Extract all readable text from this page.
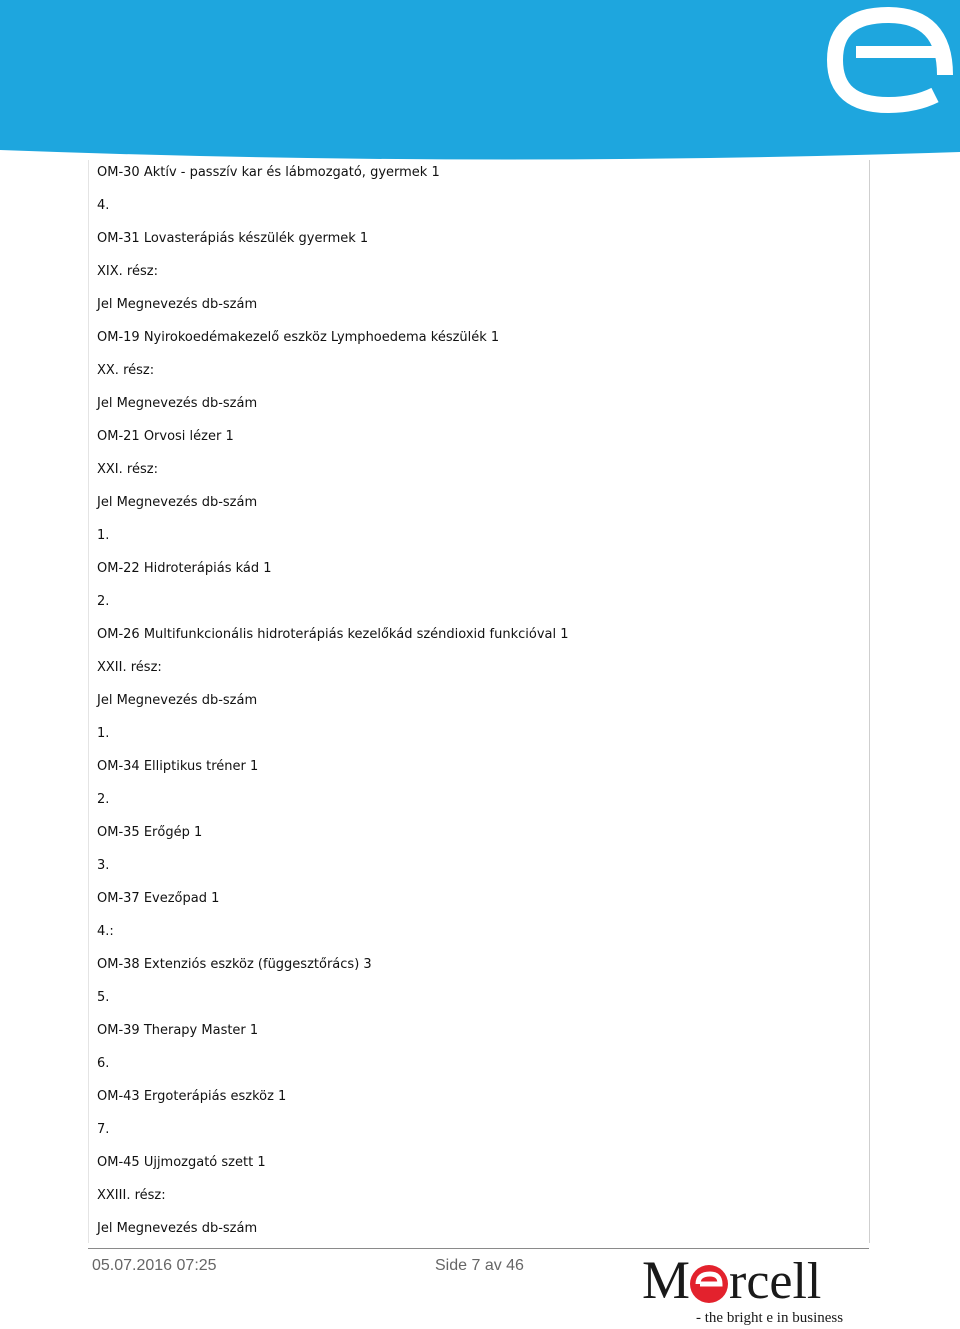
OM-30 Aktív - passzív kar és lábmozgató, gyermek 1
4.
OM-31 Lovasterápiás készülék gyermek 1
XIX. rész:
Jel Megnevezés db-szám
OM-19 Nyirokoedémakezelő eszköz Lymphoedema készülék 1
XX. rész:
Jel Megnevezés db-szám
OM-21 Orvosi lézer 1
XXI. rész:
Jel Megnevezés db-szám
1.
OM-22 Hidroterápiás kád 1
2.
OM-26 Multifunkcionális hidroterápiás kezelőkád széndioxid funkcióval 1
XXII. rész:
Jel Megnevezés db-szám
1.
OM-34 Elliptikus tréner 1
2.
OM-35 Erőgép 1
3.
OM-37 Evezőpad 1
4.:
OM-38 Extenziós eszköz (függesztőrács) 3
5.
OM-39 Therapy Master 1
6.
OM-43 Ergoterápiás eszköz 1
7.
OM-45 Ujjmozgató szett 1
XXIII. rész:
Jel Megnevezés db-szám
05.07.2016 07:25	Side 7 av 46 M rcell
- the bright e in business
